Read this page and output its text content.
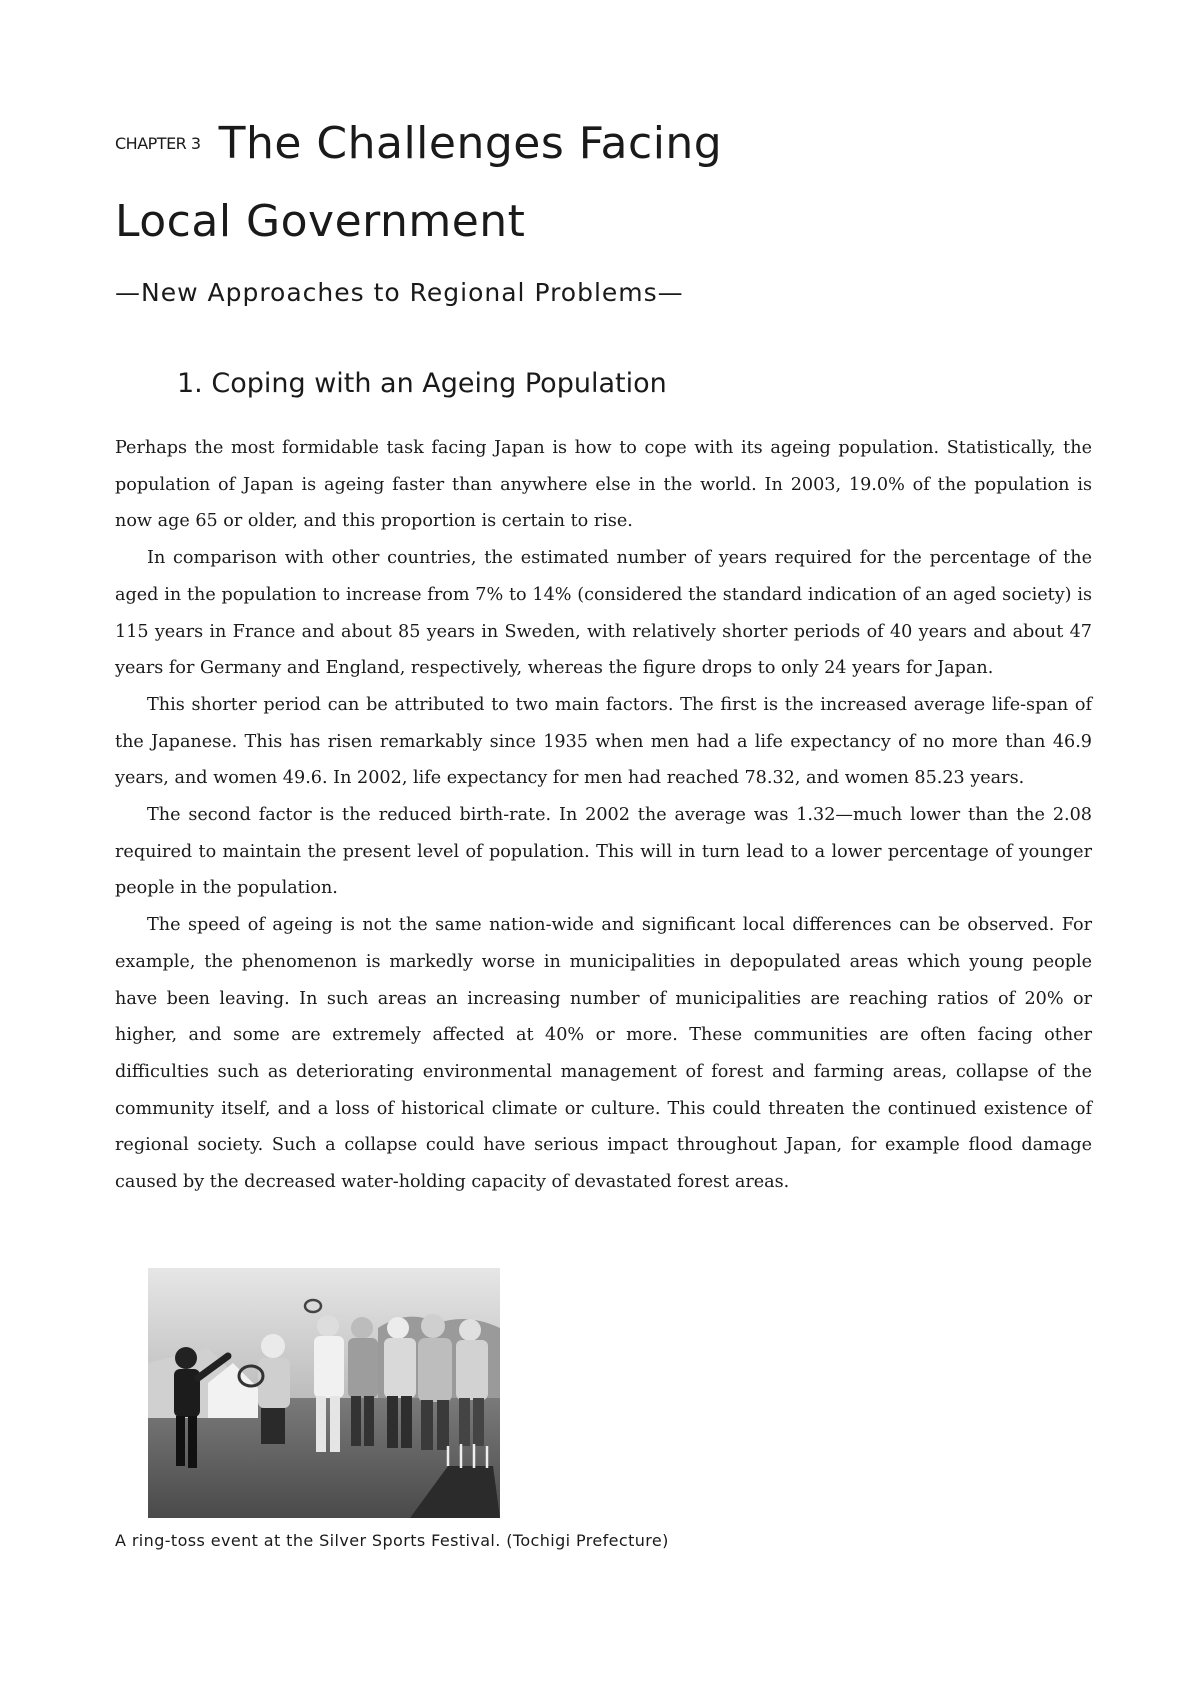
CHAPTER 3 The Challenges Facing
Local Government
—New Approaches to Regional Problems—
1. Coping with an Ageing Population

Perhaps the most formidable task facing Japan is how to cope with its ageing population. Statistically, the population of Japan is ageing faster than anywhere else in the world. In 2003, 19.0% of the population is now age 65 or older, and this proportion is certain to rise.

In comparison with other countries, the estimated number of years required for the percentage of the aged in the population to increase from 7% to 14% (considered the standard indication of an aged society) is 115 years in France and about 85 years in Sweden, with relatively shorter periods of 40 years and about 47 years for Germany and England, respectively, whereas the figure drops to only 24 years for Japan.

This shorter period can be attributed to two main factors. The first is the increased average life-span of the Japanese. This has risen remarkably since 1935 when men had a life expectancy of no more than 46.9 years, and women 49.6. In 2002, life expectancy for men had reached 78.32, and women 85.23 years.

The second factor is the reduced birth-rate. In 2002 the average was 1.32—much lower than the 2.08 required to maintain the present level of population. This will in turn lead to a lower percentage of younger people in the population.

The speed of ageing is not the same nation-wide and significant local differences can be observed. For example, the phenomenon is markedly worse in municipalities in depopulated areas which young people have been leaving. In such areas an increasing number of municipalities are reaching ratios of 20% or higher, and some are extremely affected at 40% or more. These communities are often facing other difficulties such as deteriorating environmental management of forest and farming areas, collapse of the community itself, and a loss of historical climate or culture. This could threaten the continued existence of regional society. Such a collapse could have serious impact throughout Japan, for example flood damage caused by the decreased water-holding capacity of devastated forest areas.

A ring-toss event at the Silver Sports Festival. (Tochigi Prefecture)
